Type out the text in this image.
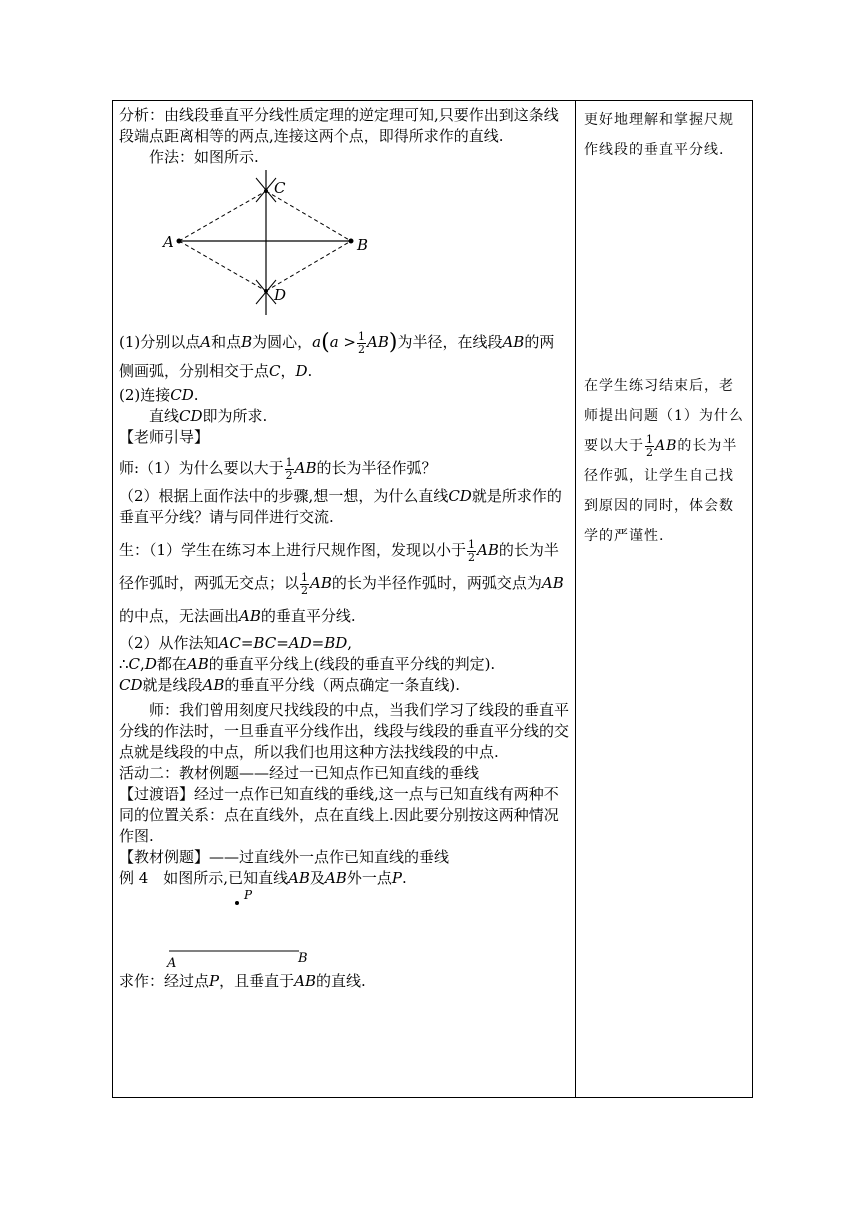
分析：由线段垂直平分线性质定理的逆定理可知,只要作出到这条线段端点距离相等的两点,连接这两个点，即得所求作的直线.

作法：如图所示.

C
A	B
D

(1)分别以点A和点B为圆心，$a(a > \frac{1}{2} AB)$为半径，在线段AB的两侧画弧，分别相交于点C，D.

(2)连接CD.

直线CD即为所求.

【老师引导】

师:（1）为什么要以大于 $\frac{1}{2}$ AB的长为半径作弧？

（2）根据上面作法中的步骤,想一想，为什么直线CD就是所求作的垂直平分线？请与同伴进行交流.

生：（1）学生在练习本上进行尺规作图，发现以小于 $\frac{1}{2}$ AB的长为半径作弧时，两弧无交点；以 $\frac{1}{2}$ AB的长为半径作弧时，两弧交点为AB的中点，无法画出AB的垂直平分线.

（2）从作法知AC=BC=AD=BD,

∴C,D都在AB的垂直平分线上(线段的垂直平分线的判定).

CD就是线段AB的垂直平分线（两点确定一条直线).

师：我们曾用刻度尺找线段的中点，当我们学习了线段的垂直平分线的作法时，一旦垂直平分线作出，线段与线段的垂直平分线的交点就是线段的中点，所以我们也用这种方法找线段的中点.

活动二：教材例题——经过一已知点作已知直线的垂线

【过渡语】经过一点作已知直线的垂线,这一点与已知直线有两种不同的位置关系：点在直线外，点在直线上.因此要分别按这两种情况作图.

【教材例题】——过直线外一点作已知直线的垂线

例 4　如图所示,已知直线AB及AB外一点P.

P
A	B

求作：经过点P，且垂直于AB的直线.

更好地理解和掌握尺规作线段的垂直平分线.

在学生练习结束后，老师提出问题（1）为什么要以大于 $\frac{1}{2}$ AB的长为半径作弧，让学生自己找到原因的同时，体会数学的严谨性.
